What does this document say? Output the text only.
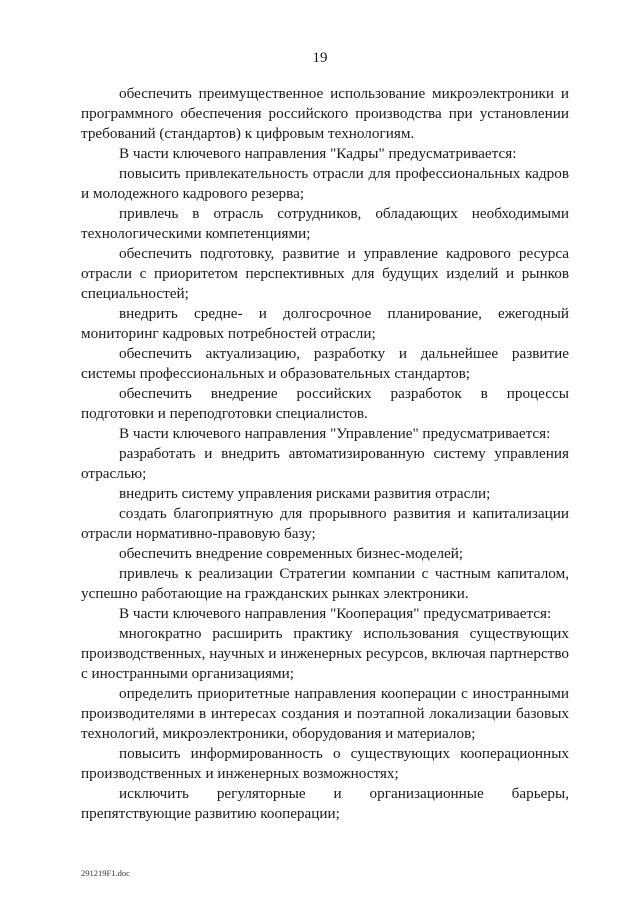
19

обеспечить преимущественное использование микроэлектроники и программного обеспечения российского производства при установлении требований (стандартов) к цифровым технологиям.

В части ключевого направления "Кадры" предусматривается:

повысить привлекательность отрасли для профессиональных кадров и молодежного кадрового резерва;

привлечь в отрасль сотрудников, обладающих необходимыми технологическими компетенциями;

обеспечить подготовку, развитие и управление кадрового ресурса отрасли с приоритетом перспективных для будущих изделий и рынков специальностей;

внедрить средне- и долгосрочное планирование, ежегодный мониторинг кадровых потребностей отрасли;

обеспечить актуализацию, разработку и дальнейшее развитие системы профессиональных и образовательных стандартов;

обеспечить внедрение российских разработок в процессы подготовки и переподготовки специалистов.

В части ключевого направления "Управление" предусматривается:

разработать и внедрить автоматизированную систему управления отраслью;

внедрить систему управления рисками развития отрасли;

создать благоприятную для прорывного развития и капитализации отрасли нормативно-правовую базу;

обеспечить внедрение современных бизнес-моделей;

привлечь к реализации Стратегии компании с частным капиталом, успешно работающие на гражданских рынках электроники.

В части ключевого направления "Кооперация" предусматривается:

многократно расширить практику использования существующих производственных, научных и инженерных ресурсов, включая партнерство с иностранными организациями;

определить приоритетные направления кооперации с иностранными производителями в интересах создания и поэтапной локализации базовых технологий, микроэлектроники, оборудования и материалов;

повысить информированность о существующих кооперационных производственных и инженерных возможностях;

исключить регуляторные и организационные барьеры, препятствующие развитию кооперации;

291219F1.doc
